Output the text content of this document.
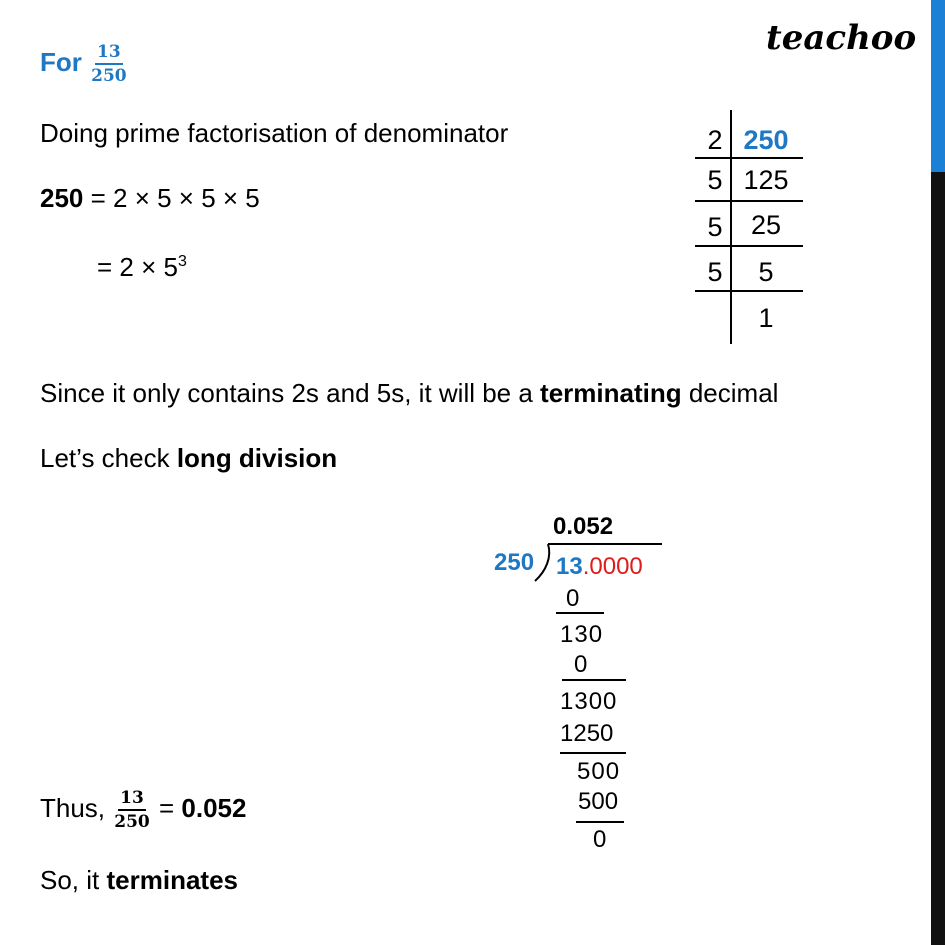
teachoo
For $\frac{13}{250}$
Doing prime factorisation of denominator
250 = 2 × 5 × 5 × 5
= $2 \times 5^3$
2
5
5
5
250
125
25
5
1
Since it only contains 2s and 5s, it will be a terminating decimal
Let’s check long division
0.052
250 13.0000
0
130
0
1300
1250
500
500
0
Thus, $\frac{13}{250} = 0.052$
So, it terminates
